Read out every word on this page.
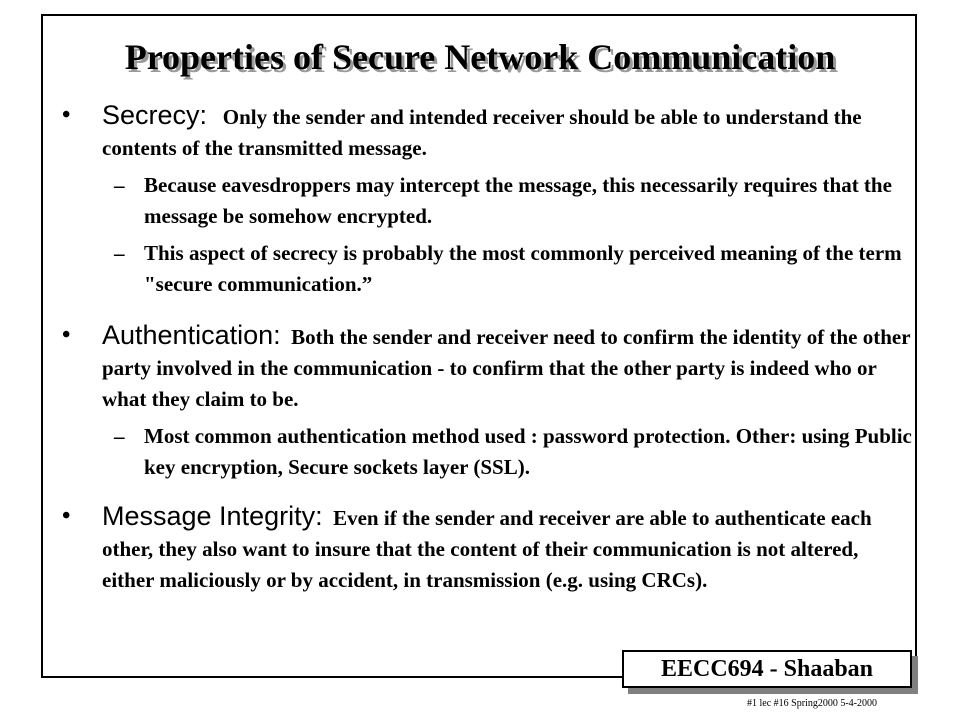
Properties of Secure Network Communication
• Secrecy: Only the sender and intended receiver should be able to understand the contents of the transmitted message.
– Because eavesdroppers may intercept the message, this necessarily requires that the message be somehow encrypted.
– This aspect of secrecy is probably the most commonly perceived meaning of the term "secure communication.”
• Authentication: Both the sender and receiver need to confirm the identity of the other party involved in the communication - to confirm that the other party is indeed who or what they claim to be.
– Most common authentication method used : password protection. Other: using Public key encryption, Secure sockets layer (SSL).
• Message Integrity: Even if the sender and receiver are able to authenticate each other, they also want to insure that the content of their communication is not altered, either maliciously or by accident, in transmission (e.g. using CRCs).
EECC694 - Shaaban
#1 lec #16 Spring2000 5-4-2000
